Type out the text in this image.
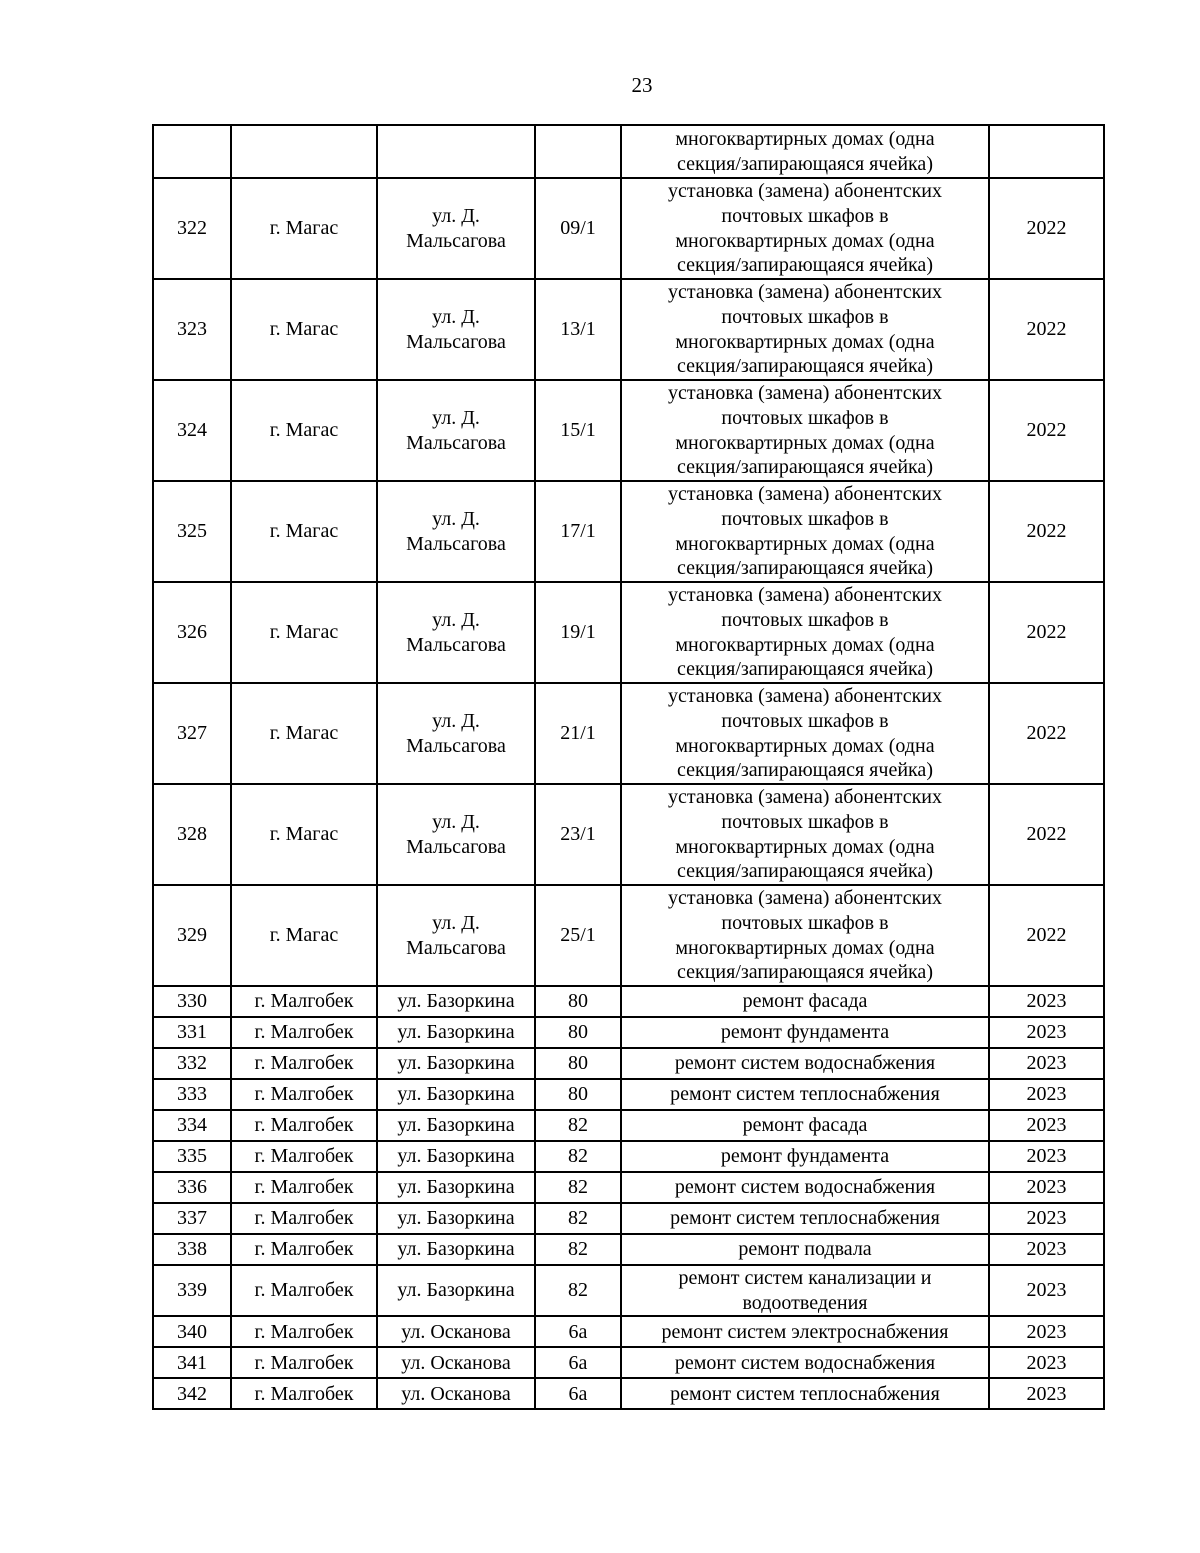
23
				многоквартирных домах (одна
секция/запирающаяся ячейка)	
322	г. Магас	ул. Д.
Мальсагова	09/1	установка (замена) абонентских
почтовых шкафов в
многоквартирных домах (одна
секция/запирающаяся ячейка)	2022
323	г. Магас	ул. Д.
Мальсагова	13/1	установка (замена) абонентских
почтовых шкафов в
многоквартирных домах (одна
секция/запирающаяся ячейка)	2022
324	г. Магас	ул. Д.
Мальсагова	15/1	установка (замена) абонентских
почтовых шкафов в
многоквартирных домах (одна
секция/запирающаяся ячейка)	2022
325	г. Магас	ул. Д.
Мальсагова	17/1	установка (замена) абонентских
почтовых шкафов в
многоквартирных домах (одна
секция/запирающаяся ячейка)	2022
326	г. Магас	ул. Д.
Мальсагова	19/1	установка (замена) абонентских
почтовых шкафов в
многоквартирных домах (одна
секция/запирающаяся ячейка)	2022
327	г. Магас	ул. Д.
Мальсагова	21/1	установка (замена) абонентских
почтовых шкафов в
многоквартирных домах (одна
секция/запирающаяся ячейка)	2022
328	г. Магас	ул. Д.
Мальсагова	23/1	установка (замена) абонентских
почтовых шкафов в
многоквартирных домах (одна
секция/запирающаяся ячейка)	2022
329	г. Магас	ул. Д.
Мальсагова	25/1	установка (замена) абонентских
почтовых шкафов в
многоквартирных домах (одна
секция/запирающаяся ячейка)	2022
330	г. Малгобек	ул. Базоркина	80	ремонт фасада	2023
331	г. Малгобек	ул. Базоркина	80	ремонт фундамента	2023
332	г. Малгобек	ул. Базоркина	80	ремонт систем водоснабжения	2023
333	г. Малгобек	ул. Базоркина	80	ремонт систем теплоснабжения	2023
334	г. Малгобек	ул. Базоркина	82	ремонт фасада	2023
335	г. Малгобек	ул. Базоркина	82	ремонт фундамента	2023
336	г. Малгобек	ул. Базоркина	82	ремонт систем водоснабжения	2023
337	г. Малгобек	ул. Базоркина	82	ремонт систем теплоснабжения	2023
338	г. Малгобек	ул. Базоркина	82	ремонт подвала	2023
339	г. Малгобек	ул. Базоркина	82	ремонт систем канализации и
водоотведения	2023
340	г. Малгобек	ул. Осканова	6а	ремонт систем электроснабжения	2023
341	г. Малгобек	ул. Осканова	6а	ремонт систем водоснабжения	2023
342	г. Малгобек	ул. Осканова	6а	ремонт систем теплоснабжения	2023
